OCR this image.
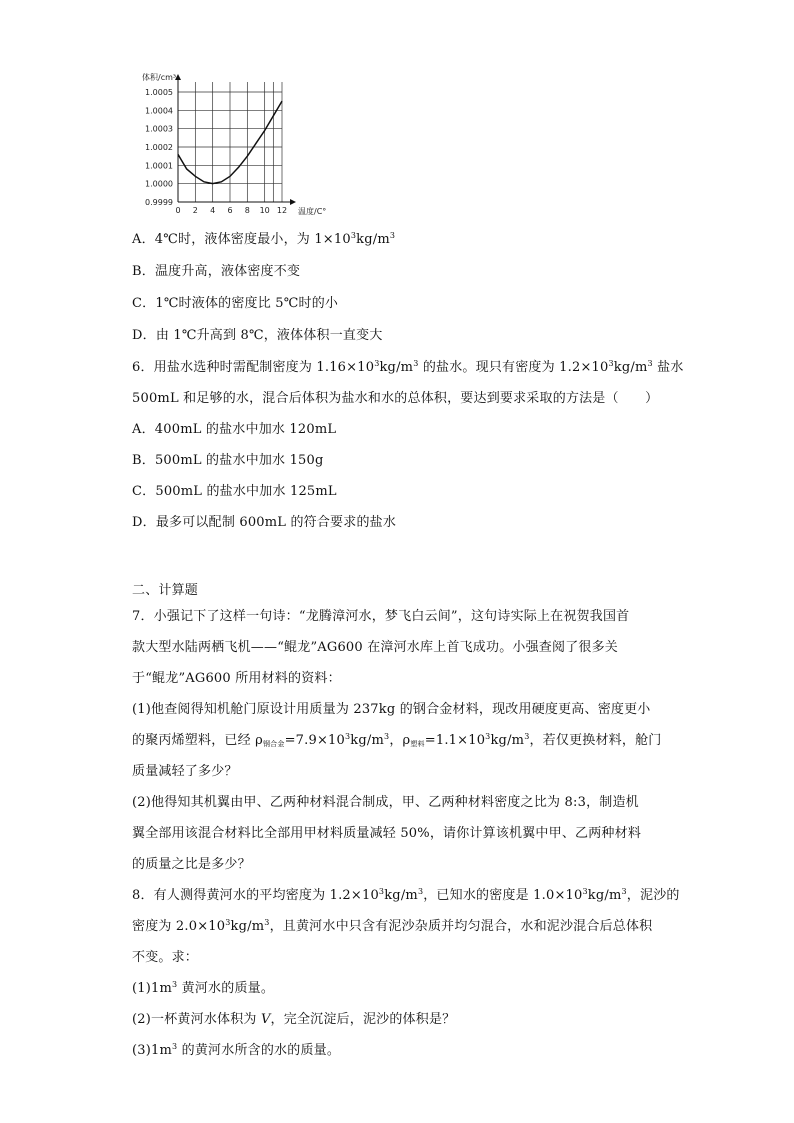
0 2 4 6 8 10 12
0.9999
1.0000
1.0001
1.0002
1.0003
1.0004
1.0005
体积/cm³
温度/C°
A．4℃时，液体密度最小，为 $1\times 10^3kg/m^3$
B．温度升高，液体密度不变
C．1℃时液体的密度比 5℃时的小
D．由 1℃升高到 8℃，液体体积一直变大
6．用盐水选种时需配制密度为 $1.16\times 10^3kg/m^3$ 的盐水。现只有密度为 $1.2\times 10^3kg/m^3$ 盐水
500mL 和足够的水，混合后体积为盐水和水的总体积，要达到要求采取的方法是（　　）
A．400mL 的盐水中加水 120mL
B．500mL 的盐水中加水 150g
C．500mL 的盐水中加水 125mL
D．最多可以配制 600mL 的符合要求的盐水
二、计算题
7．小强记下了这样一句诗：“龙腾漳河水，梦飞白云间”，这句诗实际上在祝贺我国首
款大型水陆两栖飞机——“鲲龙”AG600 在漳河水库上首飞成功。小强查阅了很多关
于“鲲龙”AG600 所用材料的资料：
(1)他查阅得知机舱门原设计用质量为 237kg 的钢合金材料，现改用硬度更高、密度更小
的聚丙烯塑料，已经 $\rho_{钢合金}=7.9\times 10^3kg/m^3$，$\rho_{塑料}=1.1\times 10^3kg/m^3$，若仅更换材料，舱门
质量减轻了多少？
(2)他得知其机翼由甲、乙两种材料混合制成，甲、乙两种材料密度之比为 8:3，制造机
翼全部用该混合材料比全部用甲材料质量减轻 50%，请你计算该机翼中甲、乙两种材料
的质量之比是多少？
8．有人测得黄河水的平均密度为 $1.2\times 10^3kg/m^3$，已知水的密度是 $1.0\times 10^3kg/m^3$，泥沙的
密度为 $2.0\times 10^3kg/m^3$，且黄河水中只含有泥沙杂质并均匀混合，水和泥沙混合后总体积
不变。求：
$(1)1m^3$ 黄河水的质量。
(2)一杯黄河水体积为 V，完全沉淀后，泥沙的体积是？
$(3)1m^3$ 的黄河水所含的水的质量。
